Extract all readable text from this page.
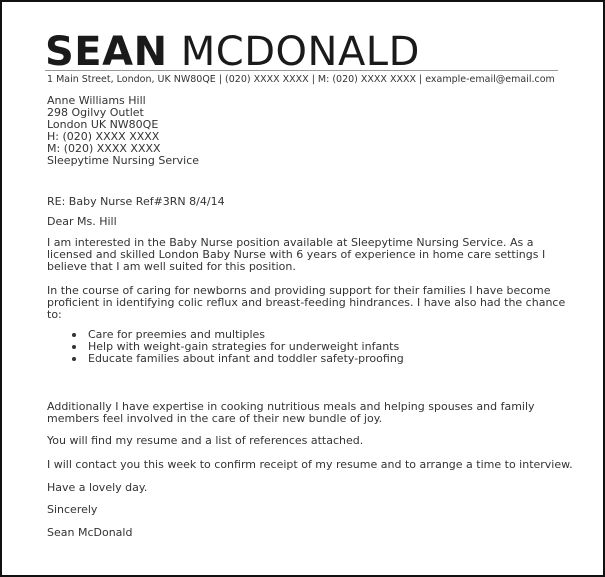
SEAN MCDONALD
1 Main Street, London, UK NW80QE | (020) XXXX XXXX | M: (020) XXXX XXXX | example-email@email.com
Anne Williams Hill
298 Ogilvy Outlet
London UK NW80QE
H: (020) XXXX XXXX
M: (020) XXXX XXXX
Sleepytime Nursing Service
RE: Baby Nurse Ref#3RN 8/4/14
Dear Ms. Hill
I am interested in the Baby Nurse position available at Sleepytime Nursing Service. As a licensed and skilled London Baby Nurse with 6 years of experience in home care settings I believe that I am well suited for this position.
In the course of caring for newborns and providing support for their families I have become proficient in identifying colic reflux and breast-feeding hindrances. I have also had the chance to:
Care for preemies and multiples
Help with weight-gain strategies for underweight infants
Educate families about infant and toddler safety-proofing
Additionally I have expertise in cooking nutritious meals and helping spouses and family members feel involved in the care of their new bundle of joy.
You will find my resume and a list of references attached.
I will contact you this week to confirm receipt of my resume and to arrange a time to interview.
Have a lovely day.
Sincerely
Sean McDonald
